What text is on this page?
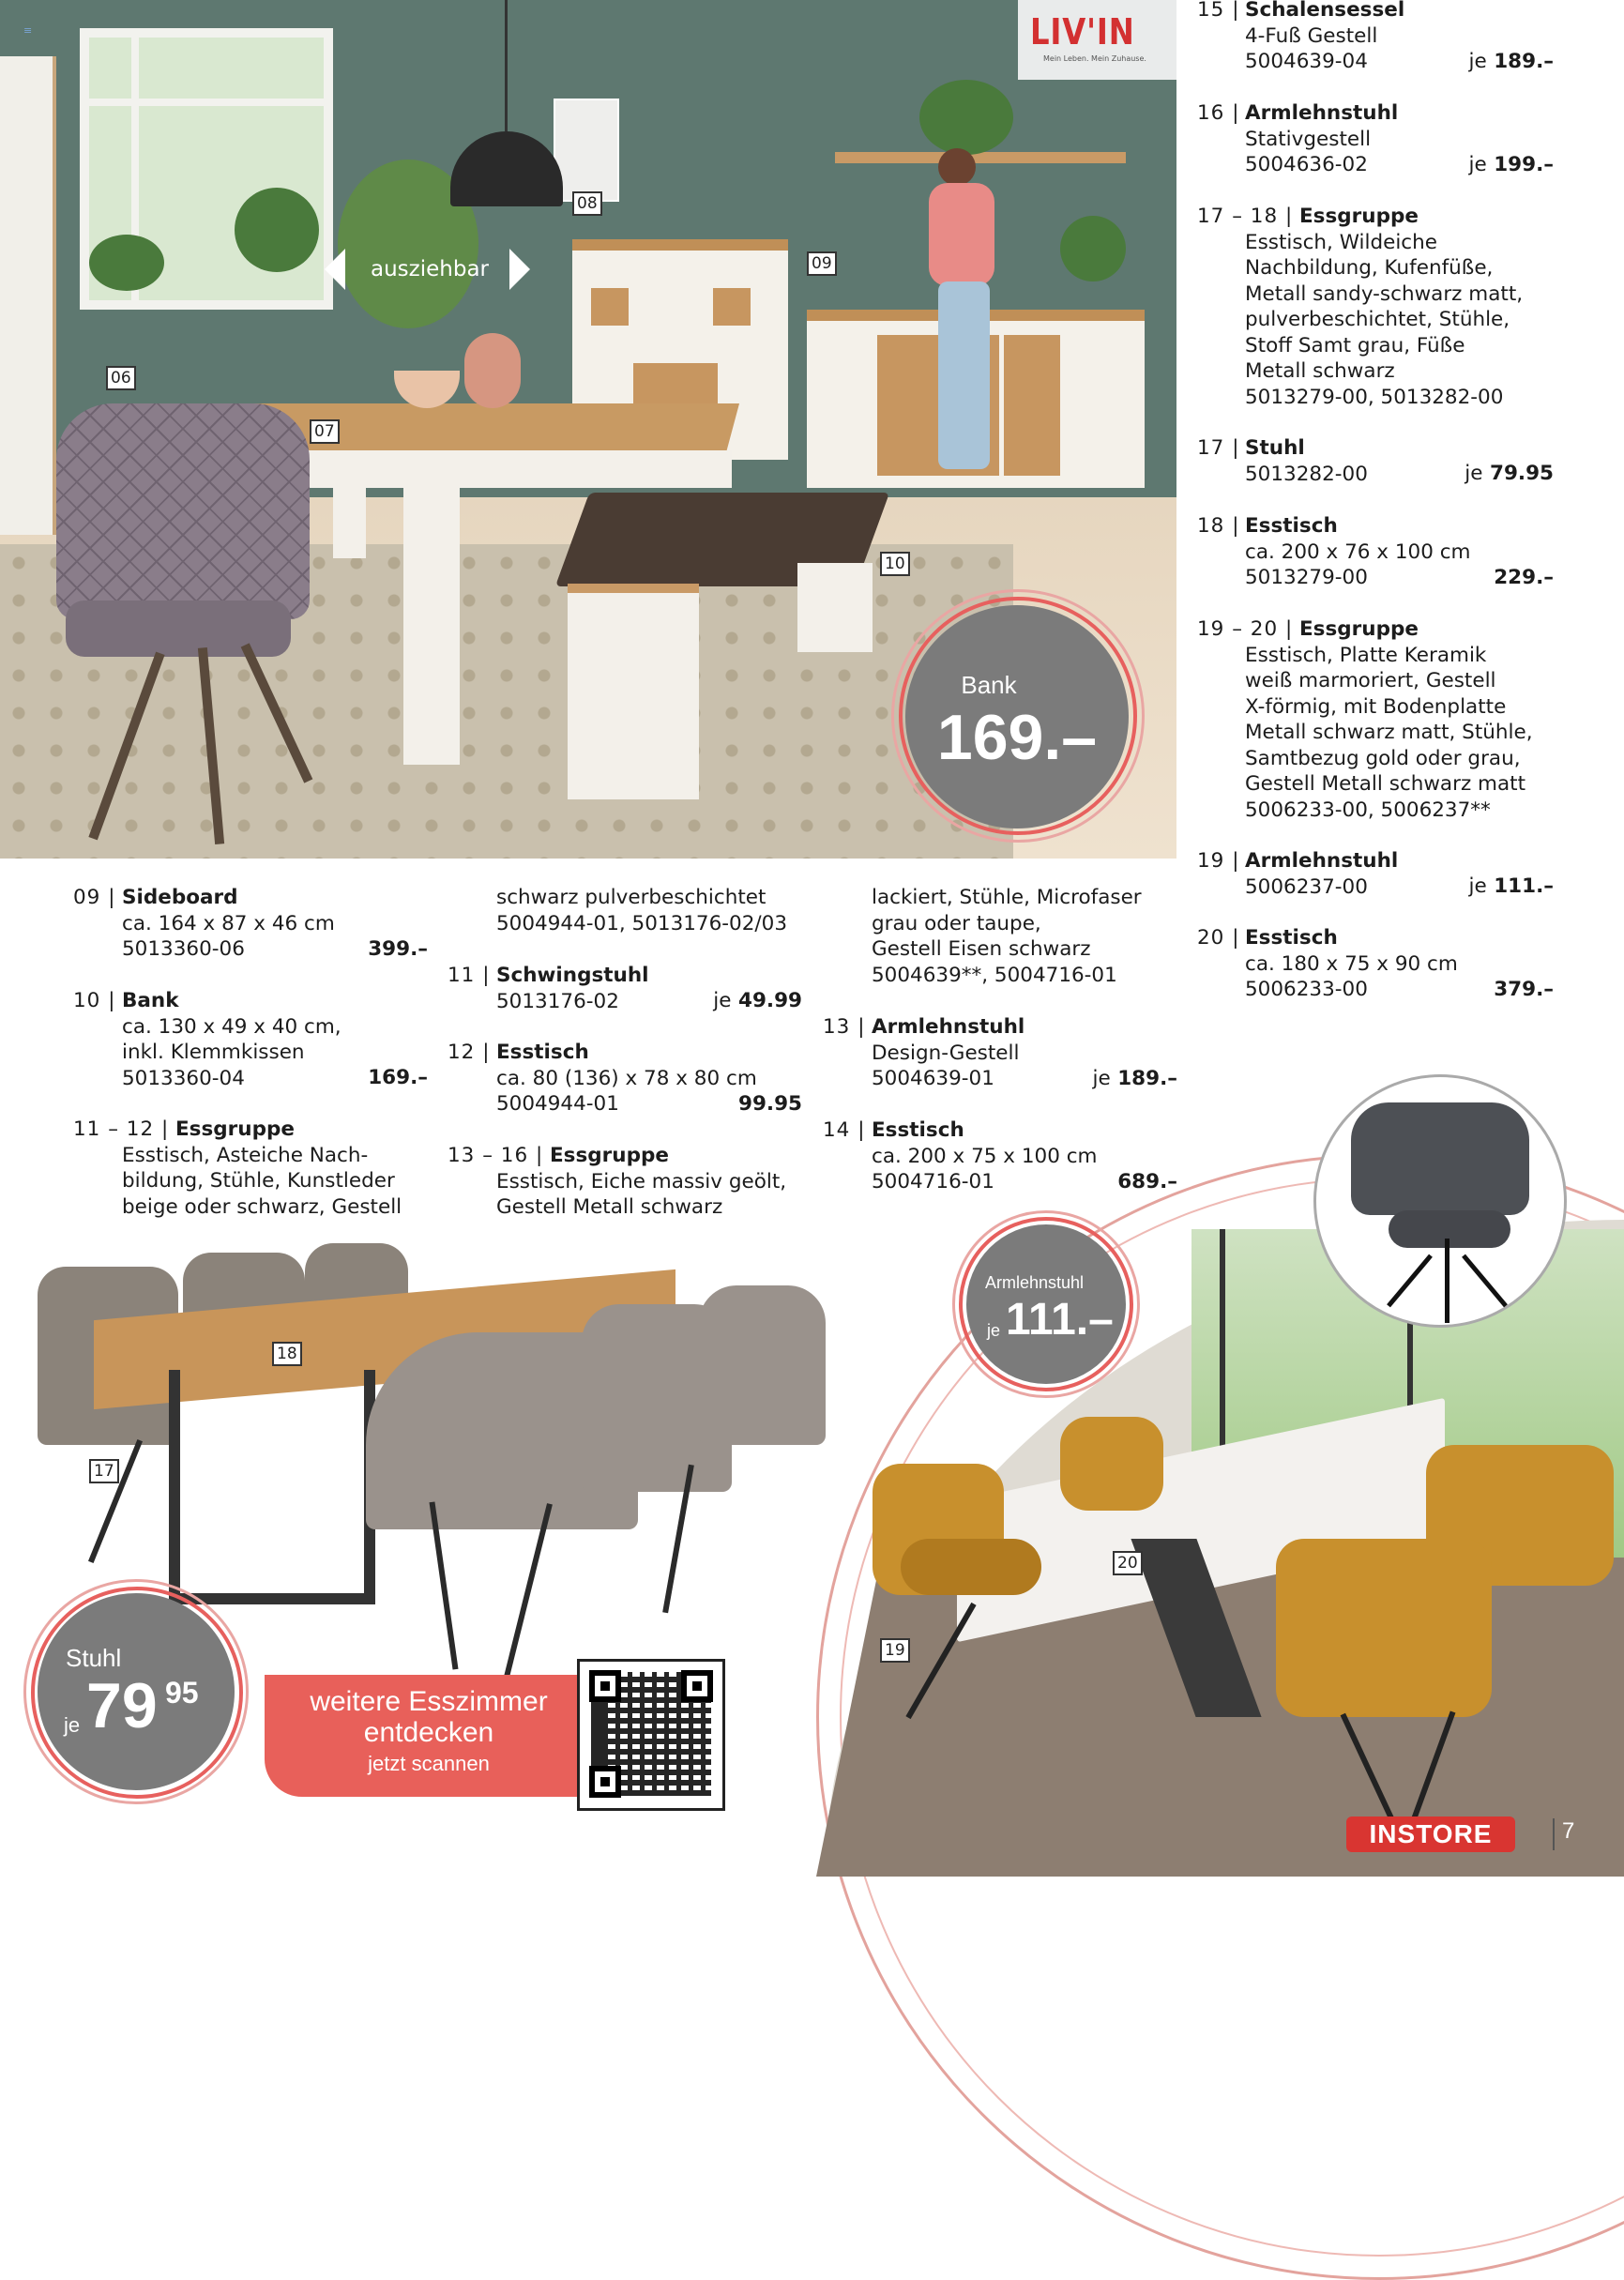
LIV'IN
Mein Leben. Mein Zuhause.
≡
ausziehbar
06
07
08
09
10
Bank
169.–
15 | Schalensessel
4-Fuß Gestell
5004639-04	je 189.–
16 | Armlehnstuhl
Stativgestell
5004636-02	je 199.–
17 – 18 | Essgruppe
Esstisch, Wildeiche
Nachbildung, Kufenfüße,
Metall sandy-schwarz matt,
pulverbeschichtet, Stühle,
Stoff Samt grau, Füße
Metall schwarz
5013279-00, 5013282-00
17 | Stuhl
5013282-00	je 79.95
18 | Esstisch
ca. 200 x 76 x 100 cm
5013279-00	229.–
19 – 20 | Essgruppe
Esstisch, Platte Keramik
weiß marmoriert, Gestell
X-förmig, mit Bodenplatte
Metall schwarz matt, Stühle,
Samtbezug gold oder grau,
Gestell Metall schwarz matt
5006233-00, 5006237**
19 | Armlehnstuhl
5006237-00	je 111.–
20 | Esstisch
ca. 180 x 75 x 90 cm
5006233-00	379.–
09 | Sideboard
ca. 164 x 87 x 46 cm
5013360-06	399.–
10 | Bank
ca. 130 x 49 x 40 cm,
inkl. Klemmkissen
5013360-04	169.–
11 – 12 | Essgruppe
Esstisch, Asteiche Nach-
bildung, Stühle, Kunstleder
beige oder schwarz, Gestell
schwarz pulverbeschichtet
5004944-01, 5013176-02/03
11 | Schwingstuhl
5013176-02	je 49.99
12 | Esstisch
ca. 80 (136) x 78 x 80 cm
5004944-01	99.95
13 – 16 | Essgruppe
Esstisch, Eiche massiv geölt,
Gestell Metall schwarz
lackiert, Stühle, Microfaser
grau oder taupe,
Gestell Eisen schwarz
5004639**, 5004716-01
13 | Armlehnstuhl
Design-Gestell
5004639-01	je 189.–
14 | Esstisch
ca. 200 x 75 x 100 cm
5004716-01	689.–
18
17
Stuhl
je 79 95	weitere Esszimmer
entdecken
jetzt scannen
20
19
Armlehnstuhl
je 111.–
INSTORE	7
